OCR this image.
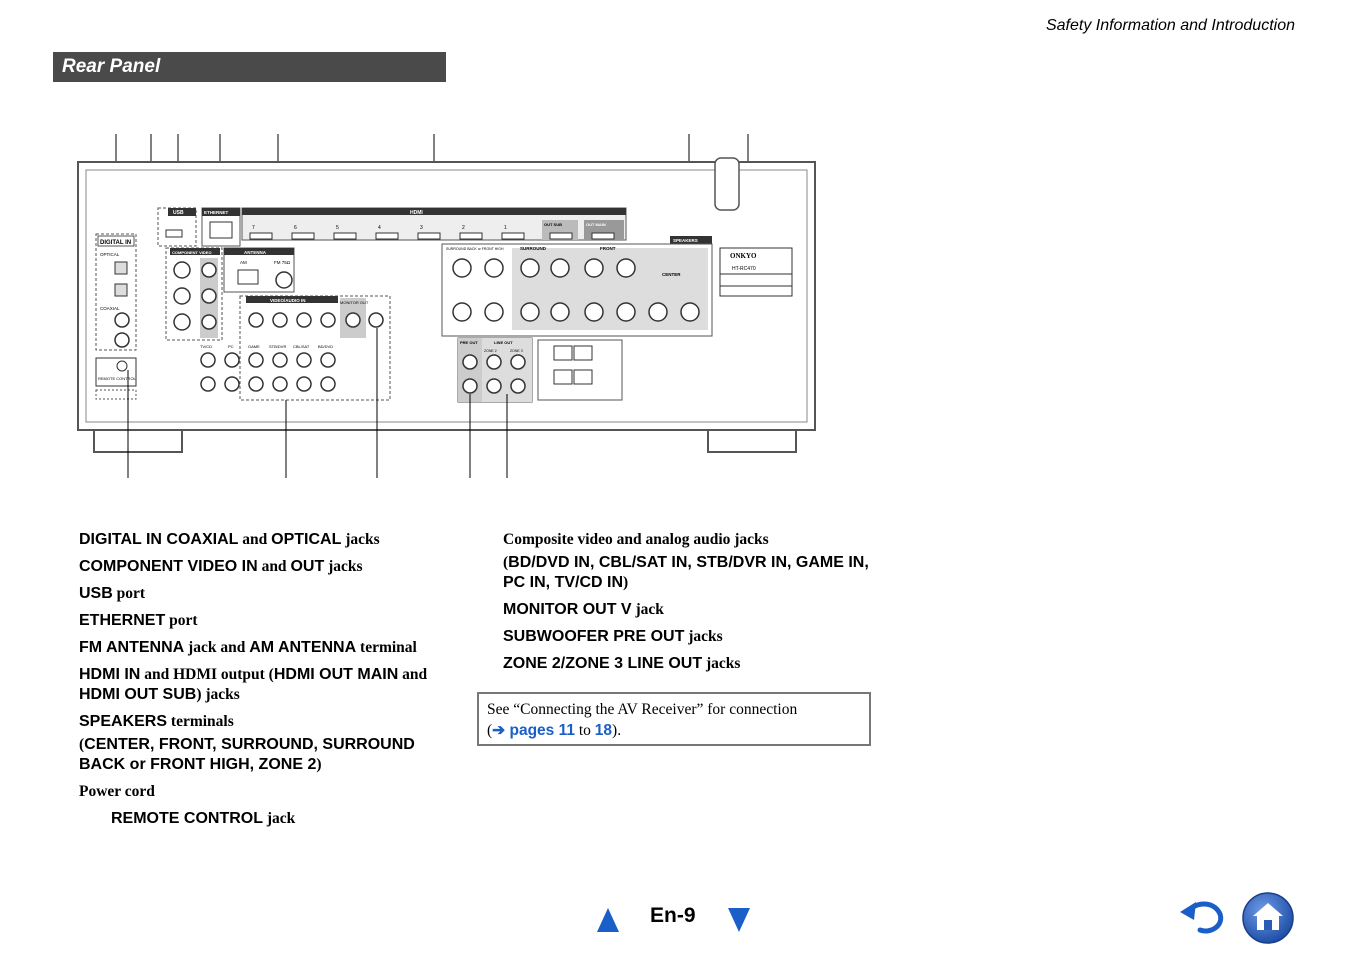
Safety Information and Introduction
Rear Panel
DIGITAL IN
OPTICAL
COAXIAL
REMOTE CONTROL
USB	ETHERNET	HDMI
7	6	5	4	3	2	1
OUT SUB	OUT MAIN
COMPONENT VIDEO	ANTENNA
AM	FM 75Ω
VIDEO/AUDIO IN
TV/CD	PC	GAME STB/DVR CBL/SAT BD/DVD
MONITOR OUT
SPEAKERS
SURROUND BACK or FRONT HIGH	SURROUND	FRONT
CENTER
ONKYO
HT-RC470
PRE OUT	LINE OUT
ZONE 2	ZONE 3
DIGITAL IN COAXIAL and OPTICAL jacks
COMPONENT VIDEO IN and OUT jacks
USB port
ETHERNET port
FM ANTENNA jack and AM ANTENNA terminal
HDMI IN and HDMI output (HDMI OUT MAIN and HDMI OUT SUB) jacks
SPEAKERS terminals
(CENTER, FRONT, SURROUND, SURROUND BACK or FRONT HIGH, ZONE 2)
Power cord
REMOTE CONTROL jack
Composite video and analog audio jacks
(BD/DVD IN, CBL/SAT IN, STB/DVR IN, GAME IN, PC IN, TV/CD IN)
MONITOR OUT V jack
SUBWOOFER PRE OUT jacks
ZONE 2/ZONE 3 LINE OUT jacks
See “Connecting the AV Receiver” for connection
(➔ pages 11 to 18).
En-9
